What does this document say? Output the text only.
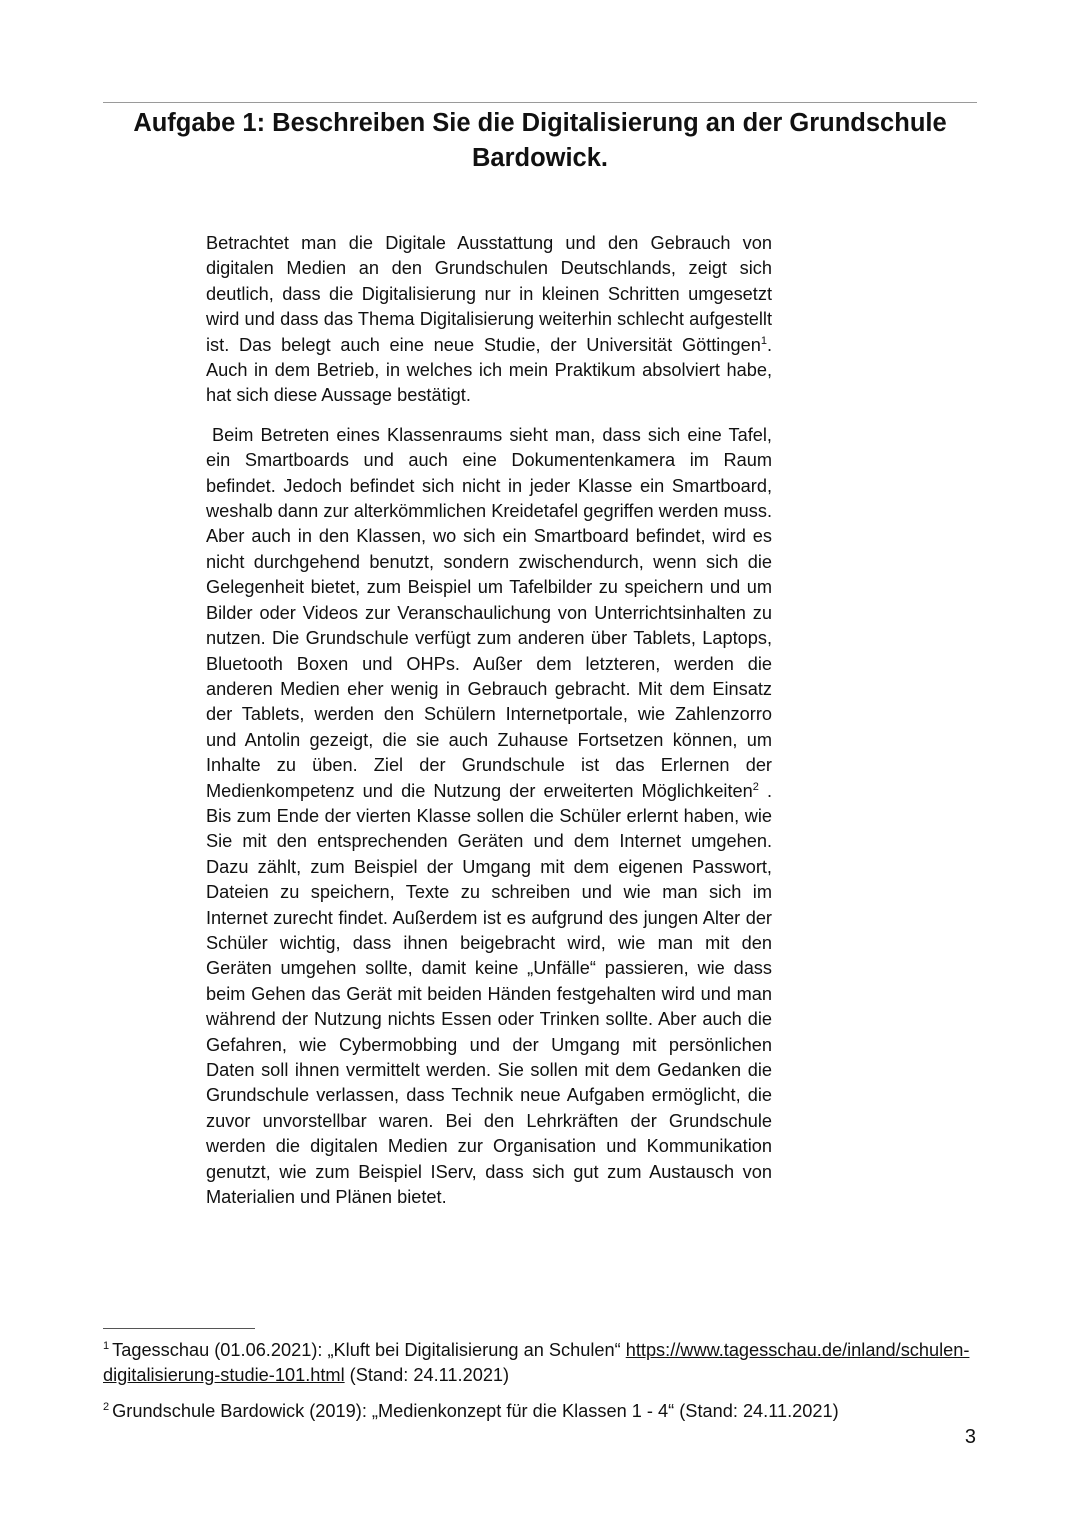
Aufgabe 1: Beschreiben Sie die Digitalisierung an der Grundschule Bardowick.

Betrachtet man die Digitale Ausstattung und den Gebrauch von digitalen Medien an den Grundschulen Deutschlands, zeigt sich deutlich, dass die Digitalisierung nur in kleinen Schritten umgesetzt wird und dass das Thema Digitalisierung weiterhin schlecht aufgestellt ist. Das belegt auch eine neue Studie, der Universität Göttingen$^1$. Auch in dem Betrieb, in welches ich mein Praktikum absolviert habe, hat sich diese Aussage bestätigt.

Beim Betreten eines Klassenraums sieht man, dass sich eine Tafel, ein Smartboards und auch eine Dokumentenkamera im Raum befindet. Jedoch befindet sich nicht in jeder Klasse ein Smartboard, weshalb dann zur alterkömmlichen Kreidetafel gegriffen werden muss. Aber auch in den Klassen, wo sich ein Smartboard befindet, wird es nicht durchgehend benutzt, sondern zwischendurch, wenn sich die Gelegenheit bietet, zum Beispiel um Tafelbilder zu speichern und um Bilder oder Videos zur Veranschaulichung von Unterrichtsinhalten zu nutzen. Die Grundschule verfügt zum anderen über Tablets, Laptops, Bluetooth Boxen und OHPs. Außer dem letzteren, werden die anderen Medien eher wenig in Gebrauch gebracht. Mit dem Einsatz der Tablets, werden den Schülern Internetportale, wie Zahlenzorro und Antolin gezeigt, die sie auch Zuhause Fortsetzen können, um Inhalte zu üben. Ziel der Grundschule ist das Erlernen der Medienkompetenz und die Nutzung der erweiterten Möglichkeiten$^2$ . Bis zum Ende der vierten Klasse sollen die Schüler erlernt haben, wie Sie mit den entsprechenden Geräten und dem Internet umgehen. Dazu zählt, zum Beispiel der Umgang mit dem eigenen Passwort, Dateien zu speichern, Texte zu schreiben und wie man sich im Internet zurecht findet. Außerdem ist es aufgrund des jungen Alter der Schüler wichtig, dass ihnen beigebracht wird, wie man mit den Geräten umgehen sollte, damit keine „Unfälle“ passieren, wie dass beim Gehen das Gerät mit beiden Händen festgehalten wird und man während der Nutzung nichts Essen oder Trinken sollte. Aber auch die Gefahren, wie Cybermobbing und der Umgang mit persönlichen Daten soll ihnen vermittelt werden. Sie sollen mit dem Gedanken die Grundschule verlassen, dass Technik neue Aufgaben ermöglicht, die zuvor unvorstellbar waren. Bei den Lehrkräften der Grundschule werden die digitalen Medien zur Organisation und Kommunikation genutzt, wie zum Beispiel IServ, dass sich gut zum Austausch von Materialien und Plänen bietet.

$^1$ Tagesschau (01.06.2021): „Kluft bei Digitalisierung an Schulen“ https://www.tagesschau.de/inland/schulen-digitalisierung-studie-101.html (Stand: 24.11.2021)

$^2$ Grundschule Bardowick (2019): „Medienkonzept für die Klassen 1 - 4“ (Stand: 24.11.2021)

3
